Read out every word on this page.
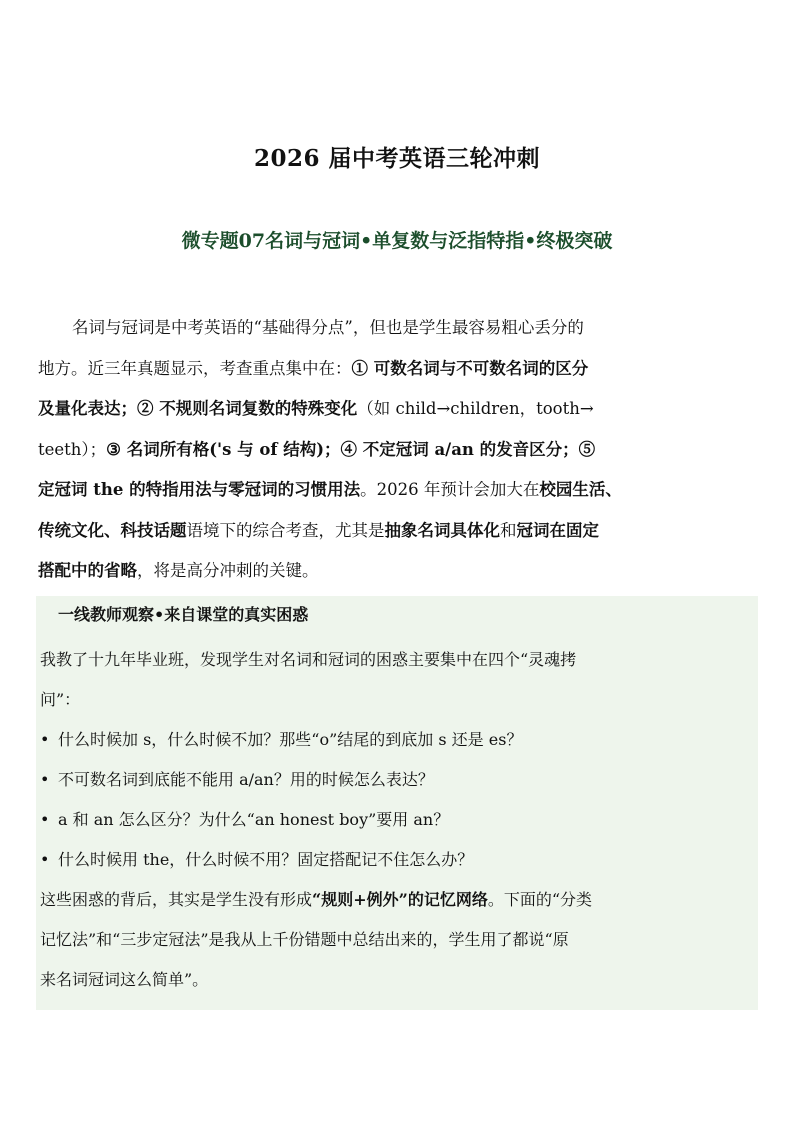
2026 届中考英语三轮冲刺
微专题07名词与冠词•单复数与泛指特指•终极突破
名词与冠词是中考英语的“基础得分点”，但也是学生最容易粗心丢分的
地方。近三年真题显示，考查重点集中在：① 可数名词与不可数名词的区分
及量化表达；② 不规则名词复数的特殊变化（如 child→children，tooth→
teeth）；③ 名词所有格('s 与 of 结构)；④ 不定冠词 a/an 的发音区分；⑤
定冠词 the 的特指用法与零冠词的习惯用法。2026 年预计会加大在校园生活、
传统文化、科技话题语境下的综合考查，尤其是抽象名词具体化和冠词在固定
搭配中的省略，将是高分冲刺的关键。
一线教师观察•来自课堂的真实困惑
我教了十九年毕业班，发现学生对名词和冠词的困惑主要集中在四个“灵魂拷
问”：
• 什么时候加 s，什么时候不加？那些“o”结尾的到底加 s 还是 es？
• 不可数名词到底能不能用 a/an？用的时候怎么表达？
• a 和 an 怎么区分？为什么“an honest boy”要用 an？
• 什么时候用 the，什么时候不用？固定搭配记不住怎么办？
这些困惑的背后，其实是学生没有形成“规则+例外”的记忆网络。下面的“分类
记忆法”和“三步定冠法”是我从上千份错题中总结出来的，学生用了都说“原
来名词冠词这么简单”。
